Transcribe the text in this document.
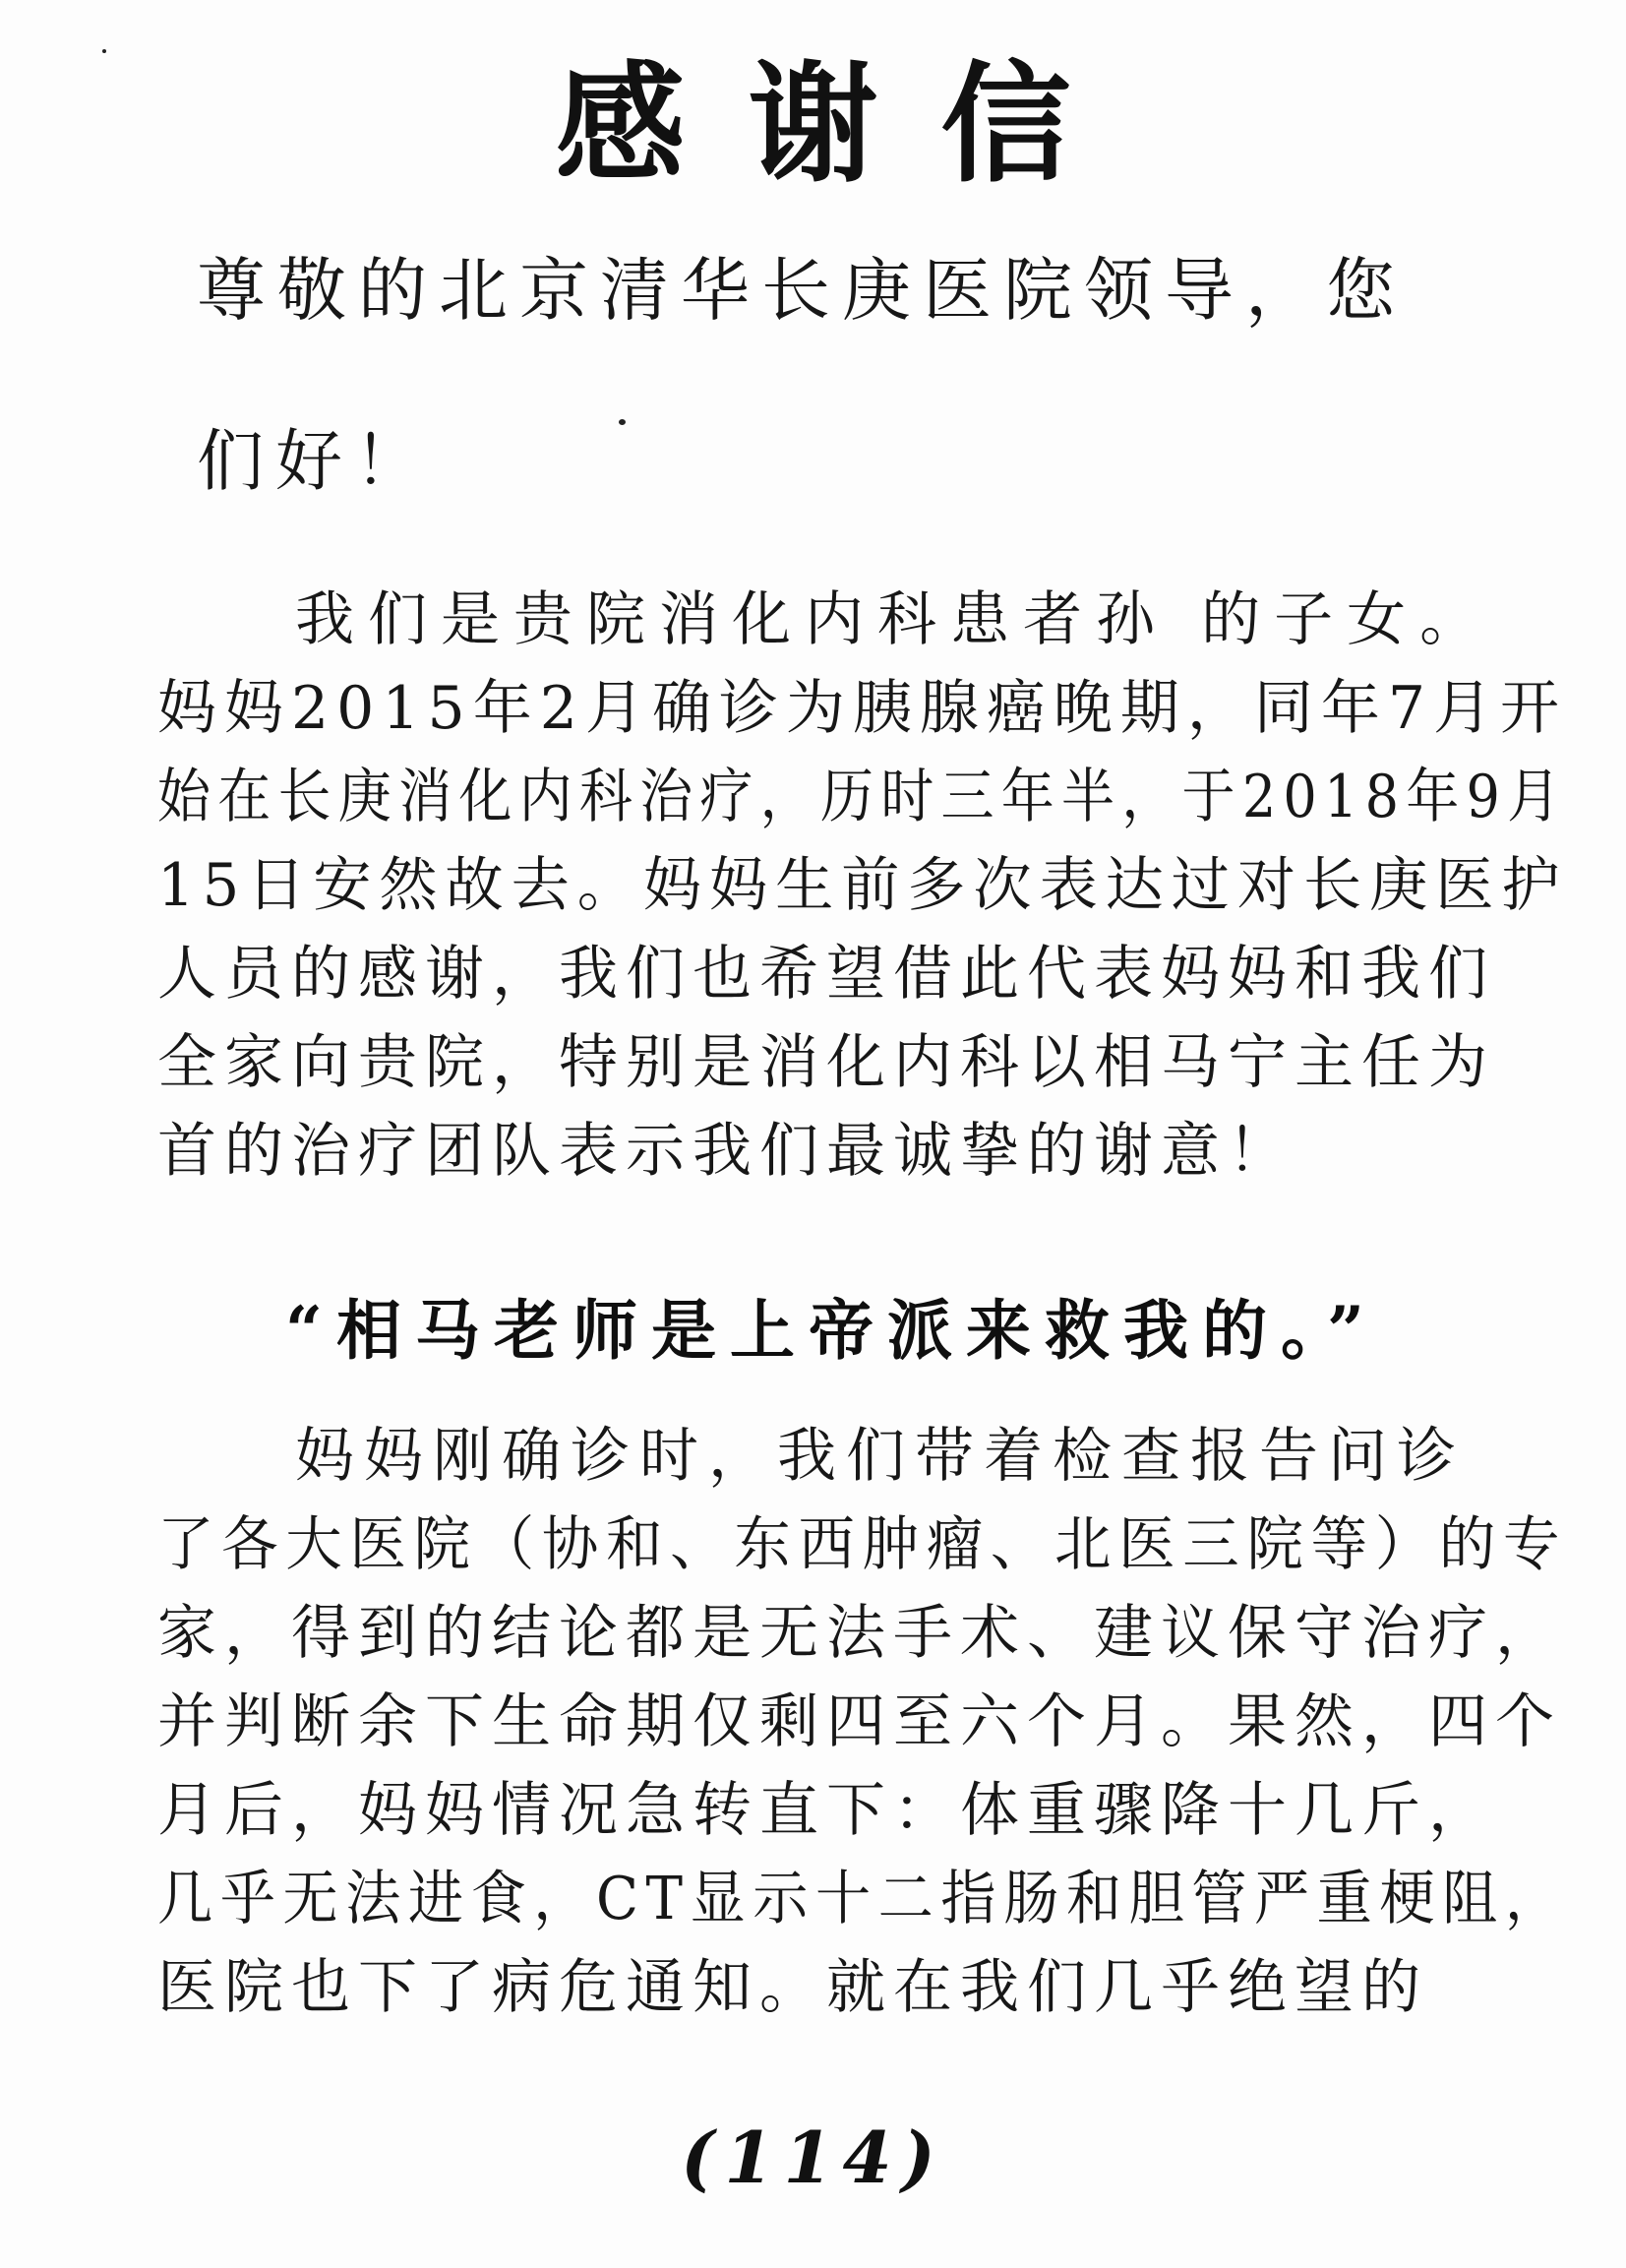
感谢信
尊敬的北京清华长庚医院领导，您
们好！
我们是贵院消化内科患者孙 的子女。
妈妈2015年2月确诊为胰腺癌晚期，同年7月开
始在长庚消化内科治疗，历时三年半，于2018年9月
15日安然故去。妈妈生前多次表达过对长庚医护
人员的感谢，我们也希望借此代表妈妈和我们
全家向贵院，特别是消化内科以相马宁主任为
首的治疗团队表示我们最诚挚的谢意！
“相马老师是上帝派来救我的。”
妈妈刚确诊时，我们带着检查报告问诊
了各大医院（协和、东西肿瘤、北医三院等）的专
家，得到的结论都是无法手术、建议保守治疗，
并判断余下生命期仅剩四至六个月。果然，四个
月后，妈妈情况急转直下：体重骤降十几斤，
几乎无法进食，CT显示十二指肠和胆管严重梗阻，
医院也下了病危通知。就在我们几乎绝望的
(114)
